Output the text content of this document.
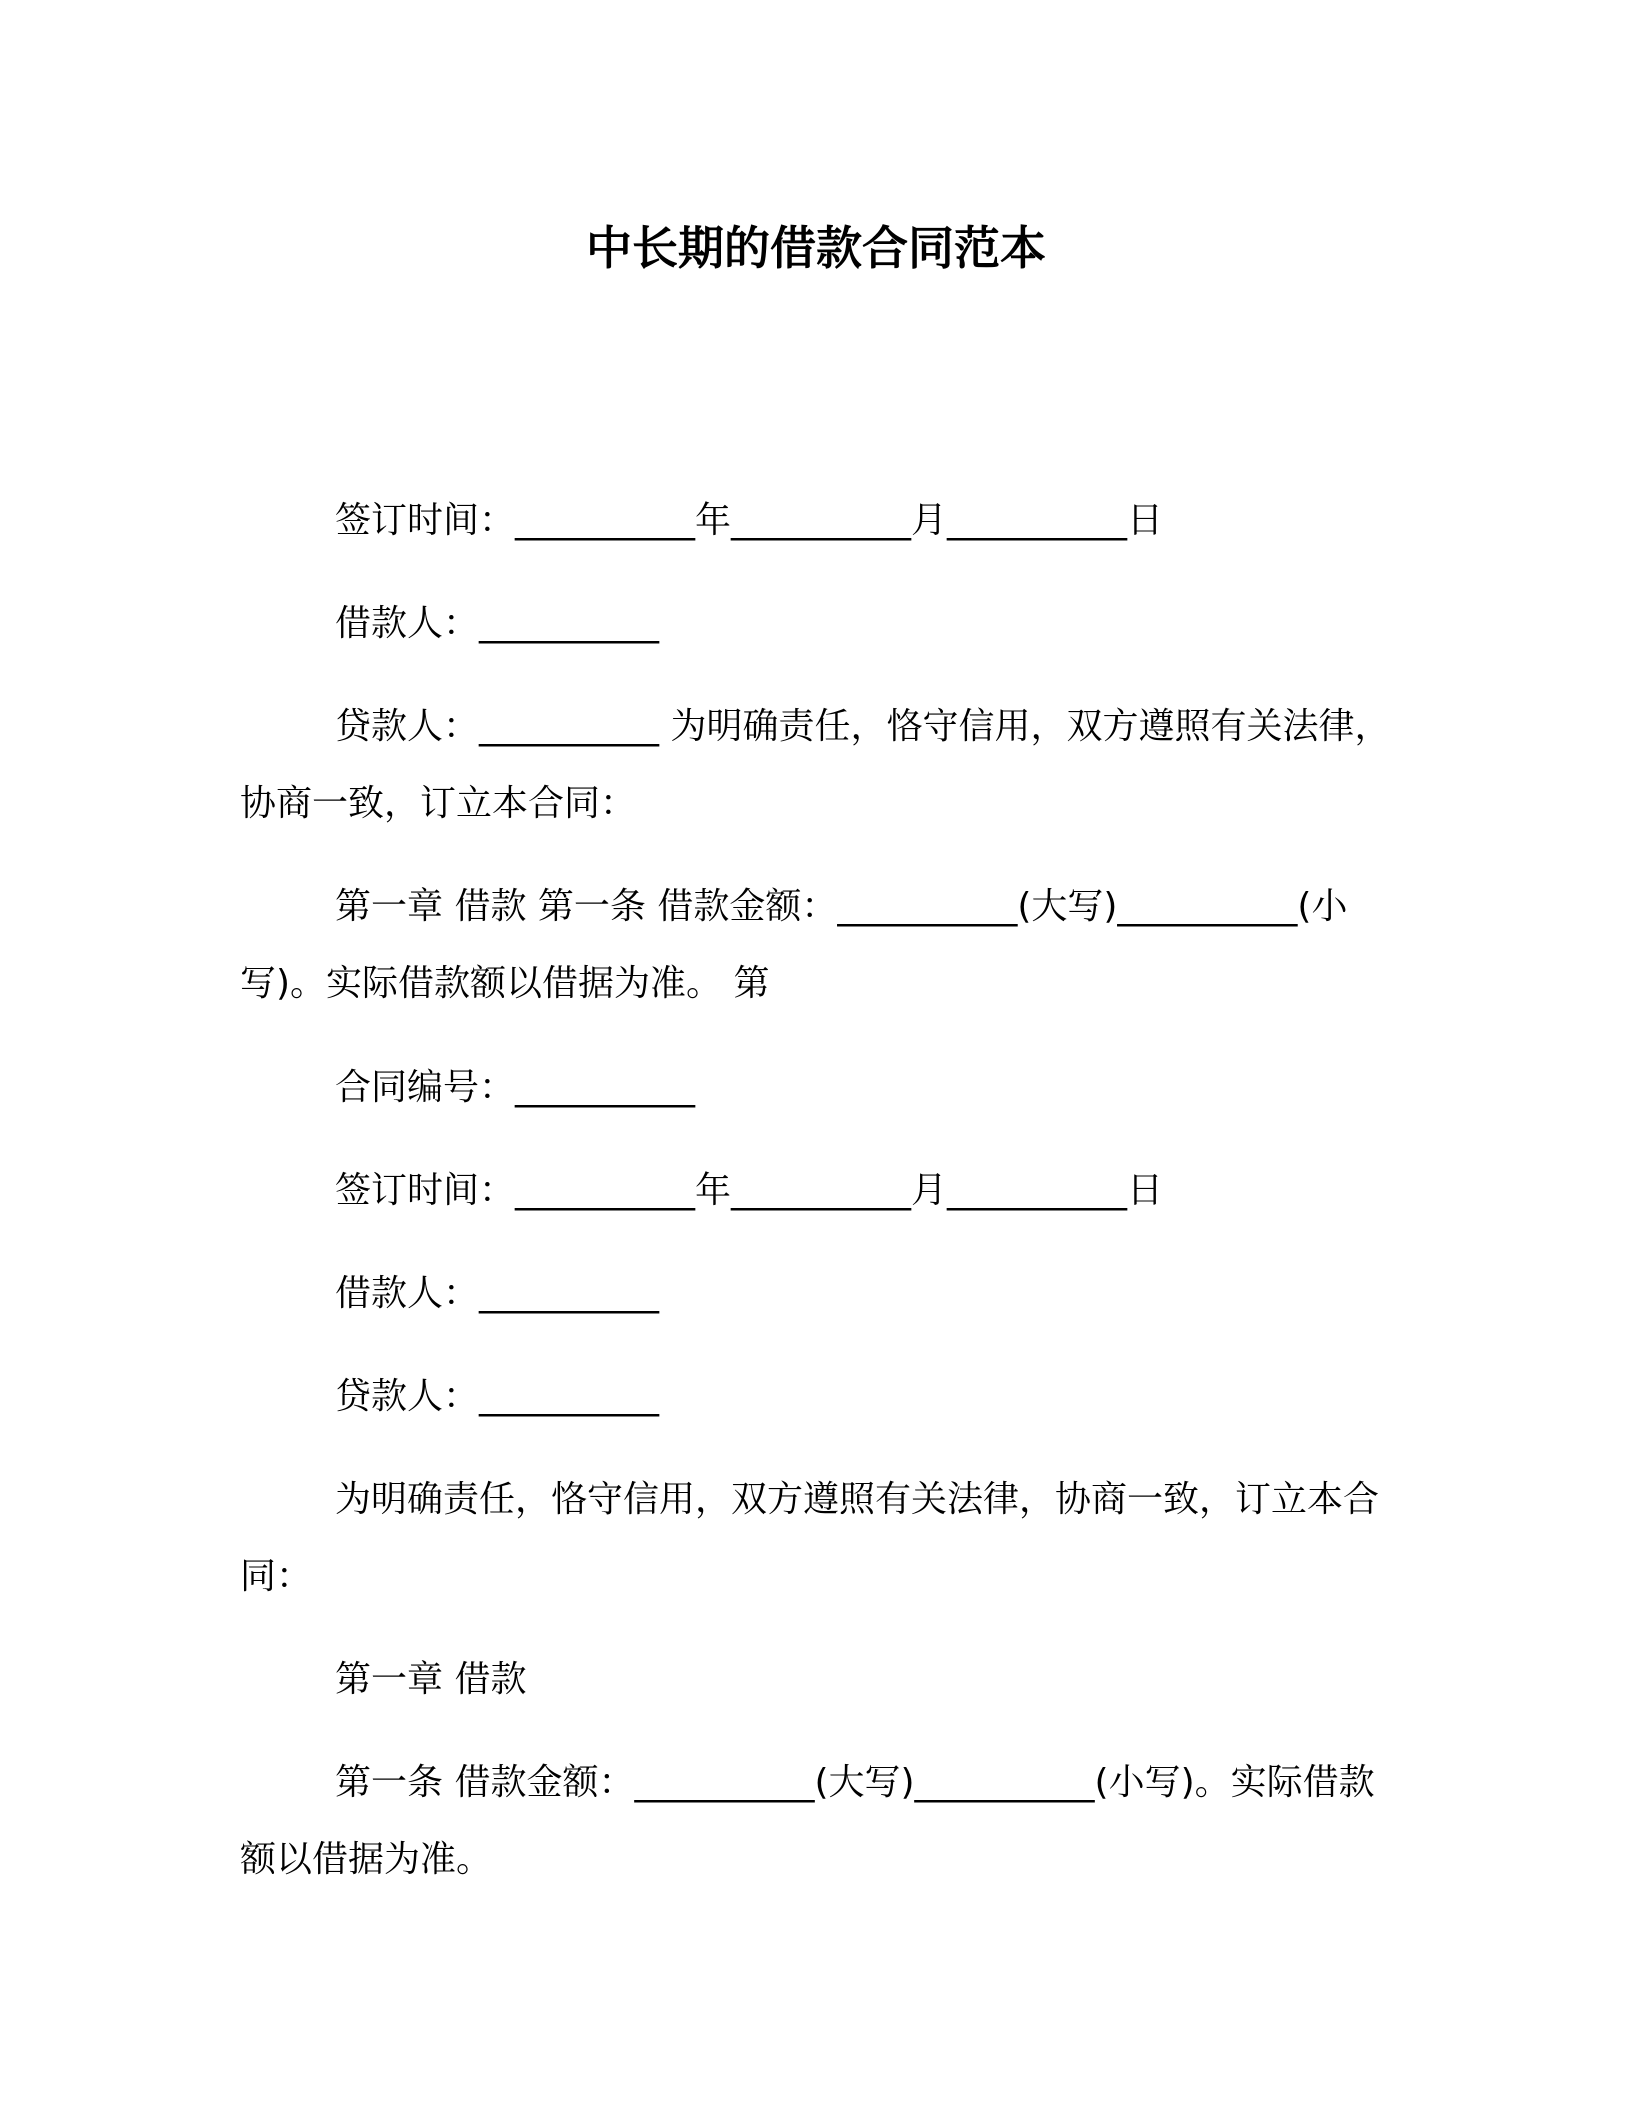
中长期的借款合同范本
签订时间：__________年__________月__________日
借款人：__________
贷款人：__________ 为明确责任，恪守信用，双方遵照有关法律，协商一致，订立本合同：
第一章 借款 第一条 借款金额：__________(大写)__________(小写)。实际借款额以借据为准。 第
合同编号：__________
签订时间：__________年__________月__________日
借款人：__________
贷款人：__________
为明确责任，恪守信用，双方遵照有关法律，协商一致，订立本合同：
第一章 借款
第一条 借款金额：__________(大写)__________(小写)。实际借款额以借据为准。
